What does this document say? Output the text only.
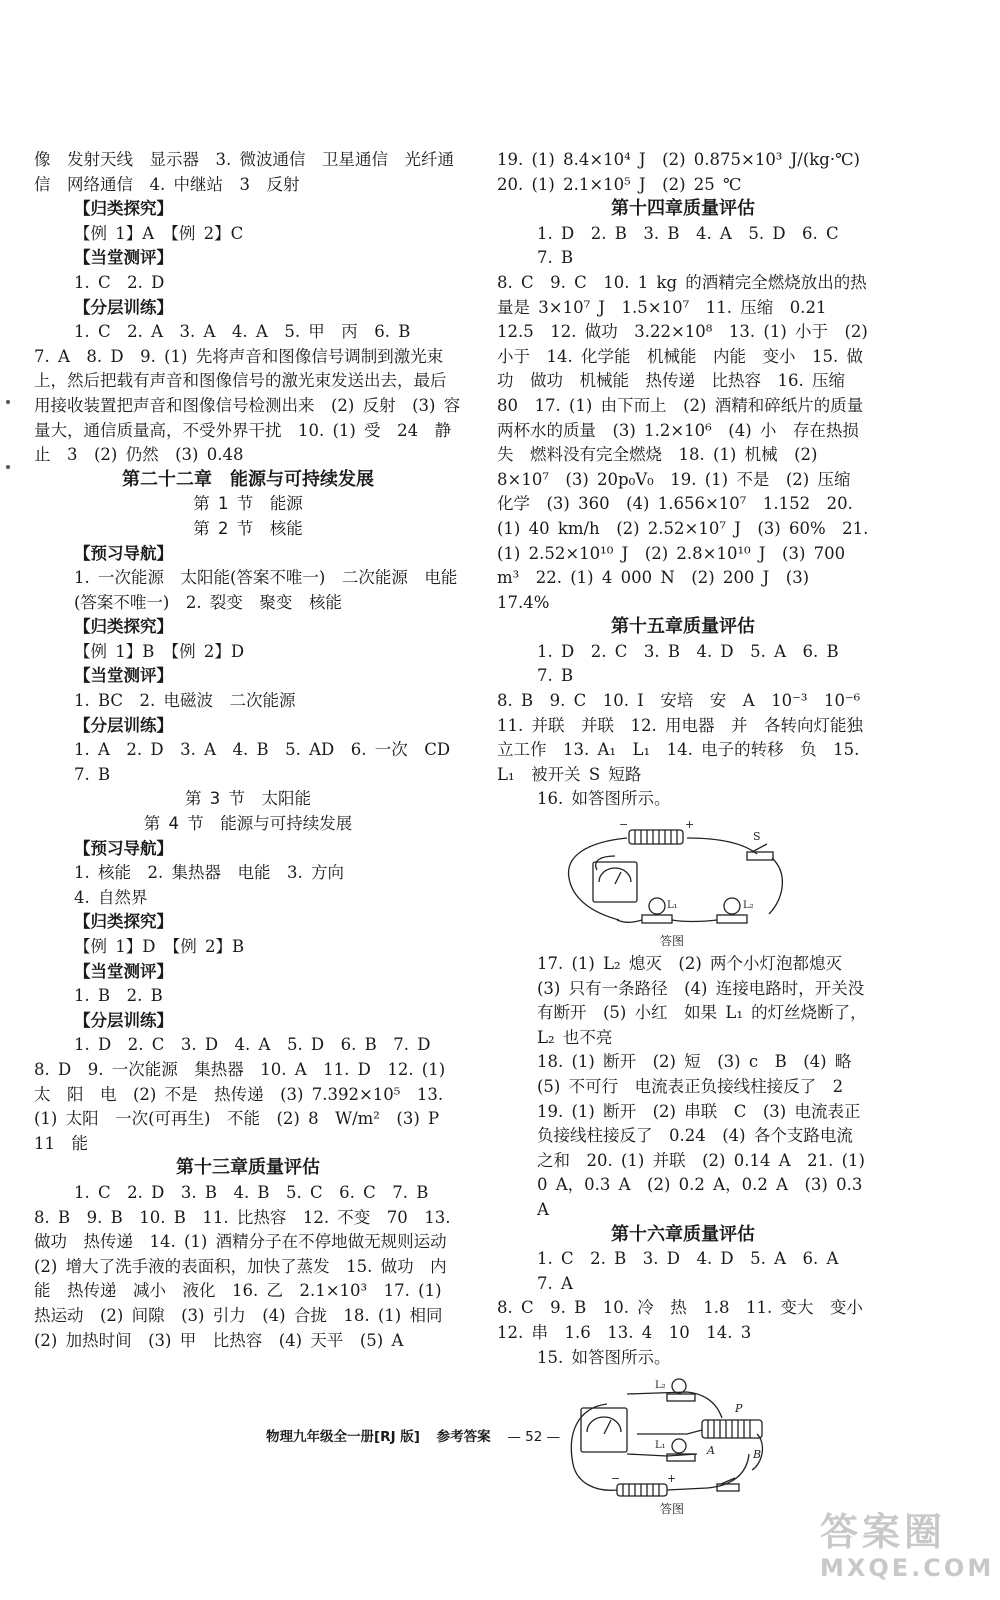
像　发射天线　显示器　3. 微波通信　卫星通信　光纤通信　网络通信　4. 中继站　3　反射

【归类探究】

【例 1】A　【例 2】C

【当堂测评】

1. C　2. D

【分层训练】

1. C　2. A　3. A　4. A　5. 甲　丙　6. B

7. A　8. D　9. (1) 先将声音和图像信号调制到激光束上，然后把载有声音和图像信号的激光束发送出去，最后用接收装置把声音和图像信号检测出来　(2) 反射　(3) 容量大，通信质量高，不受外界干扰　10. (1) 受　24　静止　3　(2) 仍然　(3) 0.48

第二十二章　能源与可持续发展

第 1 节　能源

第 2 节　核能

【预习导航】

1. 一次能源　太阳能(答案不唯一)　二次能源　电能(答案不唯一)　2. 裂变　聚变　核能

【归类探究】

【例 1】B　【例 2】D

【当堂测评】

1. BC　2. 电磁波　二次能源

【分层训练】

1. A　2. D　3. A　4. B　5. AD　6. 一次　CD　7. B

第 3 节　太阳能

第 4 节　能源与可持续发展

【预习导航】

1. 核能　2. 集热器　电能　3. 方向

4. 自然界

【归类探究】

【例 1】D　【例 2】B

【当堂测评】

1. B　2. B

【分层训练】

1. D　2. C　3. D　4. A　5. D　6. B　7. D

8. D　9. 一次能源　集热器　10. A　11. D　12. (1) 太　阳　电　(2) 不是　热传递　(3) 7.392×10⁵　13. (1) 太阳　一次(可再生)　不能　(2) 8　W/m²　(3) P　11　能

第十三章质量评估

1. C　2. D　3. B　4. B　5. C　6. C　7. B

8. B　9. B　10. B　11. 比热容　12. 不变　70　13. 做功　热传递　14. (1) 酒精分子在不停地做无规则运动　(2) 增大了洗手液的表面积，加快了蒸发　15. 做功　内能　热传递　减小　液化　16. 乙　2.1×10³　17. (1) 热运动　(2) 间隙　(3) 引力　(4) 合拢　18. (1) 相同　(2) 加热时间　(3) 甲　比热容　(4) 天平　(5) A

19. (1) 8.4×10⁴ J　(2) 0.875×10³ J/(kg·℃)

20. (1) 2.1×10⁵ J　(2) 25 ℃

第十四章质量评估

1. D　2. B　3. B　4. A　5. D　6. C　7. B

8. C　9. C　10. 1 kg 的酒精完全燃烧放出的热量是 3×10⁷ J　1.5×10⁷　11. 压缩　0.21　12.5　12. 做功　3.22×10⁸　13. (1) 小于　(2) 小于　14. 化学能　机械能　内能　变小　15. 做功　做功　机械能　热传递　比热容　16. 压缩　80　17. (1) 由下而上　(2) 酒精和碎纸片的质量　两杯水的质量　(3) 1.2×10⁶　(4) 小　存在热损失　燃料没有完全燃烧　18. (1) 机械　(2) 8×10⁷　(3) 20p₀V₀　19. (1) 不是　(2) 压缩　化学　(3) 360　(4) 1.656×10⁷　1.152　20. (1) 40 km/h　(2) 2.52×10⁷ J　(3) 60%　21. (1) 2.52×10¹⁰ J　(2) 2.8×10¹⁰ J　(3) 700 m³　22. (1) 4 000 N　(2) 200 J　(3) 17.4%

第十五章质量评估

1. D　2. C　3. B　4. D　5. A　6. B　7. B

8. B　9. C　10. I　安培　安　A　10⁻³　10⁻⁶　11. 并联　并联　12. 用电器　并　各转向灯能独立工作　13. A₁　L₁　14. 电子的转移　负　15. L₁　被开关 S 短路

16. 如答图所示。

−	+
S
L₁	L₂
答图

17. (1) L₂ 熄灭　(2) 两个小灯泡都熄灭　(3) 只有一条路径　(4) 连接电路时，开关没有断开　(5) 小红　如果 L₁ 的灯丝烧断了，L₂ 也不亮

18. (1) 断开　(2) 短　(3) c　B　(4) 略　(5) 不可行　电流表正负接线柱接反了　2　19. (1) 断开　(2) 串联　C　(3) 电流表正负接线柱接反了　0.24　(4) 各个支路电流之和　20. (1) 并联　(2) 0.14 A　21. (1) 0 A，0.3 A　(2) 0.2 A，0.2 A　(3) 0.3 A

第十六章质量评估

1. C　2. B　3. D　4. D　5. A　6. A　7. A

8. C　9. B　10. 冷　热　1.8　11. 变大　变小　12. 串　1.6　13. 4　10　14. 3

15. 如答图所示。

L₂
L₁
P
A	B
−	+
答图
物理九年级全一册[RJ 版] 参考答案 — 52 —
答案圈
MXQE.COM
